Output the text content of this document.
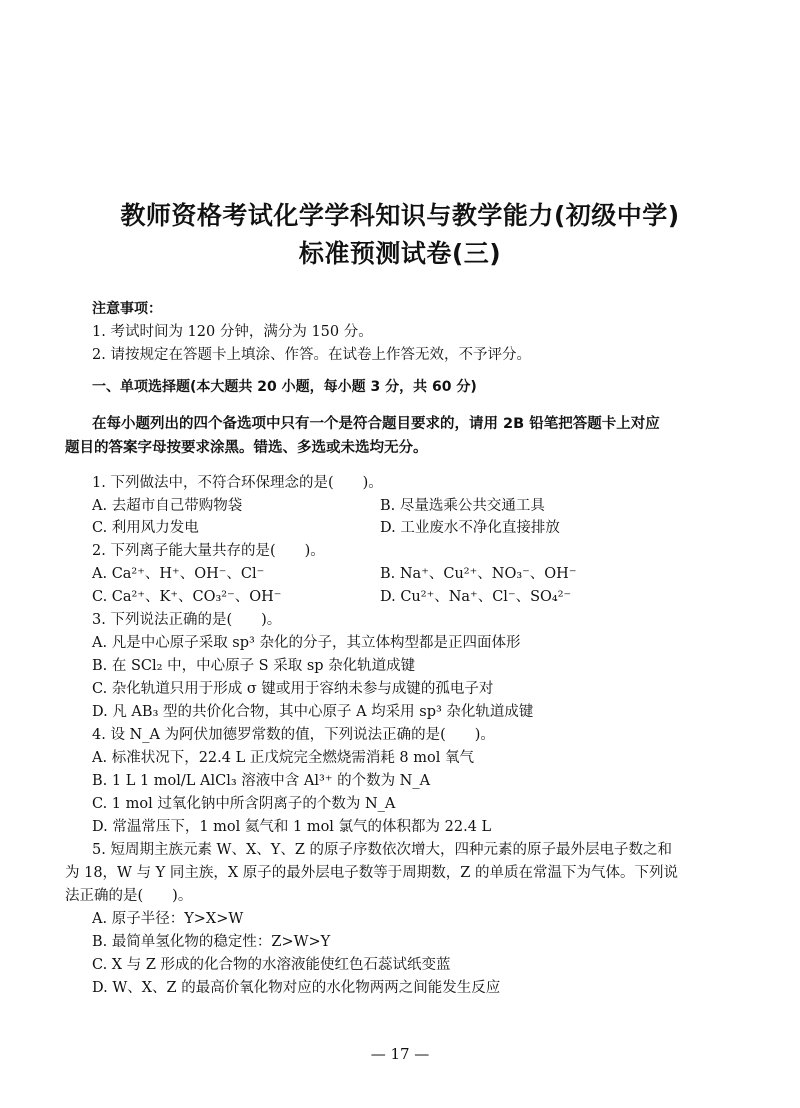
教师资格考试化学学科知识与教学能力(初级中学)
标准预测试卷(三)
注意事项：
1. 考试时间为 120 分钟，满分为 150 分。
2. 请按规定在答题卡上填涂、作答。在试卷上作答无效，不予评分。
一、单项选择题(本大题共 20 小题，每小题 3 分，共 60 分)
在每小题列出的四个备选项中只有一个是符合题目要求的，请用 2B 铅笔把答题卡上对应
题目的答案字母按要求涂黑。错选、多选或未选均无分。
1. 下列做法中，不符合环保理念的是(　　)。
A. 去超市自己带购物袋	B. 尽量选乘公共交通工具
C. 利用风力发电	D. 工业废水不净化直接排放
2. 下列离子能大量共存的是(　　)。
A. Ca²⁺、H⁺、OH⁻、Cl⁻	B. Na⁺、Cu²⁺、NO₃⁻、OH⁻
C. Ca²⁺、K⁺、CO₃²⁻、OH⁻	D. Cu²⁺、Na⁺、Cl⁻、SO₄²⁻
3. 下列说法正确的是(　　)。
A. 凡是中心原子采取 sp³ 杂化的分子，其立体构型都是正四面体形
B. 在 SCl₂ 中，中心原子 S 采取 sp 杂化轨道成键
C. 杂化轨道只用于形成 σ 键或用于容纳未参与成键的孤电子对
D. 凡 AB₃ 型的共价化合物，其中心原子 A 均采用 sp³ 杂化轨道成键
4. 设 N_A 为阿伏加德罗常数的值，下列说法正确的是(　　)。
A. 标准状况下，22.4 L 正戊烷完全燃烧需消耗 8 mol 氧气
B. 1 L 1 mol/L AlCl₃ 溶液中含 Al³⁺ 的个数为 N_A
C. 1 mol 过氧化钠中所含阴离子的个数为 N_A
D. 常温常压下，1 mol 氦气和 1 mol 氯气的体积都为 22.4 L
5. 短周期主族元素 W、X、Y、Z 的原子序数依次增大，四种元素的原子最外层电子数之和
为 18，W 与 Y 同主族，X 原子的最外层电子数等于周期数，Z 的单质在常温下为气体。下列说
法正确的是(　　)。
A. 原子半径：Y>X>W
B. 最简单氢化物的稳定性：Z>W>Y
C. X 与 Z 形成的化合物的水溶液能使红色石蕊试纸变蓝
D. W、X、Z 的最高价氧化物对应的水化物两两之间能发生反应
— 17 —
